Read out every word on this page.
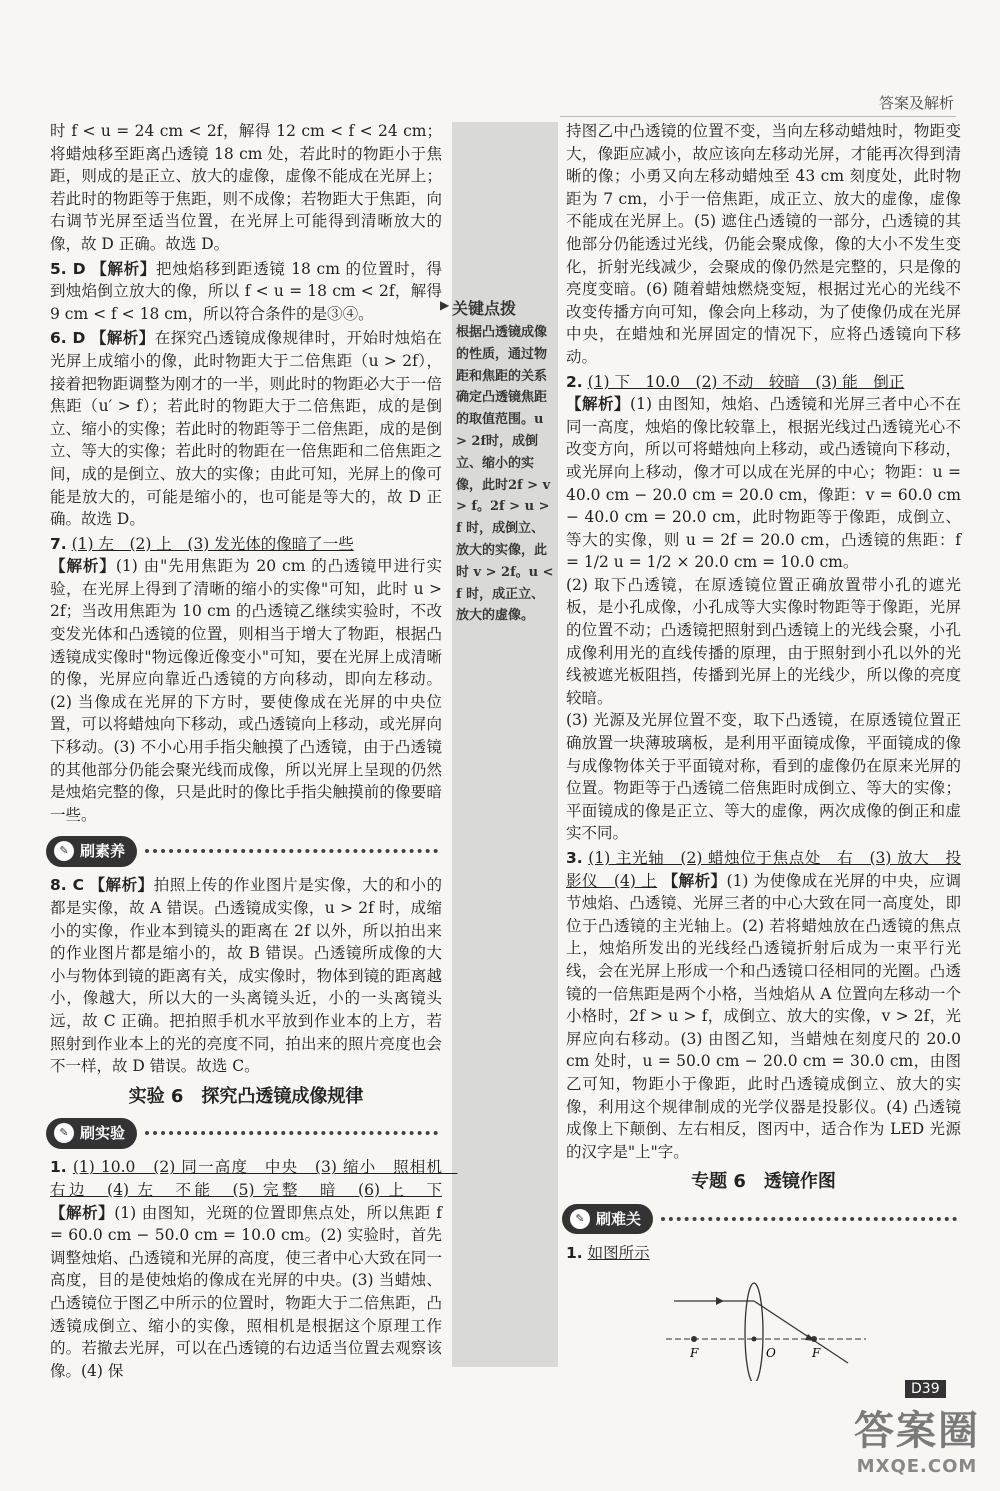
答案及解析
▶ 关键点拨
根据凸透镜成像的性质，通过物距和焦距的关系确定凸透镜焦距的取值范围。u > 2f时，成倒立、缩小的实像，此时2f > v > f。2f > u > f 时，成倒立、放大的实像，此时 v > 2f。u < f 时，成正立、放大的虚像。

时 f < u = 24 cm < 2f，解得 12 cm < f < 24 cm；将蜡烛移至距离凸透镜 18 cm 处，若此时的物距小于焦距，则成的是正立、放大的虚像，虚像不能成在光屏上；若此时的物距等于焦距，则不成像；若物距大于焦距，向右调节光屏至适当位置，在光屏上可能得到清晰放大的像，故 D 正确。故选 D。

5. D 【解析】把烛焰移到距透镜 18 cm 的位置时，得到烛焰倒立放大的像，所以 f < u = 18 cm < 2f，解得 9 cm < f < 18 cm，所以符合条件的是③④。

6. D 【解析】在探究凸透镜成像规律时，开始时烛焰在光屏上成缩小的像，此时物距大于二倍焦距（u > 2f），接着把物距调整为刚才的一半，则此时的物距必大于一倍焦距（u′ > f）；若此时的物距大于二倍焦距，成的是倒立、缩小的实像；若此时的物距等于二倍焦距，成的是倒立、等大的实像；若此时的物距在一倍焦距和二倍焦距之间，成的是倒立、放大的实像；由此可知，光屏上的像可能是放大的，可能是缩小的，也可能是等大的，故 D 正确。故选 D。

7. (1) 左　(2) 上　(3) 发光体的像暗了一些

【解析】(1) 由"先用焦距为 20 cm 的凸透镜甲进行实验，在光屏上得到了清晰的缩小的实像"可知，此时 u > 2f；当改用焦距为 10 cm 的凸透镜乙继续实验时，不改变发光体和凸透镜的位置，则相当于增大了物距，根据凸透镜成实像时"物远像近像变小"可知，要在光屏上成清晰的像，光屏应向靠近凸透镜的方向移动，即向左移动。(2) 当像成在光屏的下方时，要使像成在光屏的中央位置，可以将蜡烛向下移动，或凸透镜向上移动，或光屏向下移动。(3) 不小心用手指尖触摸了凸透镜，由于凸透镜的其他部分仍能会聚光线而成像，所以光屏上呈现的仍然是烛焰完整的像，只是此时的像比手指尖触摸前的像要暗一些。

✎ 刷素养

8. C 【解析】拍照上传的作业图片是实像，大的和小的都是实像，故 A 错误。凸透镜成实像，u > 2f 时，成缩小的实像，作业本到镜头的距离在 2f 以外，所以拍出来的作业图片都是缩小的，故 B 错误。凸透镜所成像的大小与物体到镜的距离有关，成实像时，物体到镜的距离越小，像越大，所以大的一头离镜头近，小的一头离镜头远，故 C 正确。把拍照手机水平放到作业本的上方，若照射到作业本上的光的亮度不同，拍出来的照片亮度也会不一样，故 D 错误。故选 C。

实验 6　探究凸透镜成像规律
✎ 刷实验

1. (1) 10.0　(2) 同一高度　中央　(3) 缩小　照相机　右边　(4) 左　不能　(5) 完整　暗　(6) 上　下 【解析】(1) 由图知，光斑的位置即焦点处，所以焦距 f = 60.0 cm − 50.0 cm = 10.0 cm。(2) 实验时，首先调整烛焰、凸透镜和光屏的高度，使三者中心大致在同一高度，目的是使烛焰的像成在光屏的中央。(3) 当蜡烛、凸透镜位于图乙中所示的位置时，物距大于二倍焦距，凸透镜成倒立、缩小的实像，照相机是根据这个原理工作的。若撤去光屏，可以在凸透镜的右边适当位置去观察该像。(4) 保

持图乙中凸透镜的位置不变，当向左移动蜡烛时，物距变大，像距应减小，故应该向左移动光屏，才能再次得到清晰的像；小勇又向左移动蜡烛至 43 cm 刻度处，此时物距为 7 cm，小于一倍焦距，成正立、放大的虚像，虚像不能成在光屏上。(5) 遮住凸透镜的一部分，凸透镜的其他部分仍能透过光线，仍能会聚成像，像的大小不发生变化，折射光线减少，会聚成的像仍然是完整的，只是像的亮度变暗。(6) 随着蜡烛燃烧变短，根据过光心的光线不改变传播方向可知，像会向上移动，为了使像仍成在光屏中央，在蜡烛和光屏固定的情况下，应将凸透镜向下移动。

2. (1) 下　10.0　(2) 不动　较暗　(3) 能　倒正

【解析】(1) 由图知，烛焰、凸透镜和光屏三者中心不在同一高度，烛焰的像比较靠上，根据光线过凸透镜光心不改变方向，所以可将蜡烛向上移动，或凸透镜向下移动，或光屏向上移动，像才可以成在光屏的中心；物距：u = 40.0 cm − 20.0 cm = 20.0 cm，像距：v = 60.0 cm − 40.0 cm = 20.0 cm，此时物距等于像距，成倒立、等大的实像，则 u = 2f = 20.0 cm，凸透镜的焦距：f = 1/2 u = 1/2 × 20.0 cm = 10.0 cm。

(2) 取下凸透镜，在原透镜位置正确放置带小孔的遮光板，是小孔成像，小孔成等大实像时物距等于像距，光屏的位置不动；凸透镜把照射到凸透镜上的光线会聚，小孔成像利用光的直线传播的原理，由于照射到小孔以外的光线被遮光板阻挡，传播到光屏上的光线少，所以像的亮度较暗。

(3) 光源及光屏位置不变，取下凸透镜，在原透镜位置正确放置一块薄玻璃板，是利用平面镜成像，平面镜成的像与成像物体关于平面镜对称，看到的虚像仍在原来光屏的位置。物距等于凸透镜二倍焦距时成倒立、等大的实像；平面镜成的像是正立、等大的虚像，两次成像的倒正和虚实不同。

3. (1) 主光轴　(2) 蜡烛位于焦点处　右　(3) 放大　投影仪　(4) 上 【解析】(1) 为使像成在光屏的中央，应调节烛焰、凸透镜、光屏三者的中心大致在同一高度处，即位于凸透镜的主光轴上。(2) 若将蜡烛放在凸透镜的焦点上，烛焰所发出的光线经凸透镜折射后成为一束平行光线，会在光屏上形成一个和凸透镜口径相同的光圈。凸透镜的一倍焦距是两个小格，当烛焰从 A 位置向左移动一个小格时，2f > u > f，成倒立、放大的实像，v > 2f，光屏应向右移动。(3) 由图乙知，当蜡烛在刻度尺的 20.0 cm 处时，u = 50.0 cm − 20.0 cm = 30.0 cm，由图乙可知，物距小于像距，此时凸透镜成倒立、放大的实像，利用这个规律制成的光学仪器是投影仪。(4) 凸透镜成像上下颠倒、左右相反，图丙中，适合作为 LED 光源的汉字是"上"字。

专题 6　透镜作图
✎ 刷难关

1. 如图所示

F	O	F
D39
答案圈
MXQE.COM
